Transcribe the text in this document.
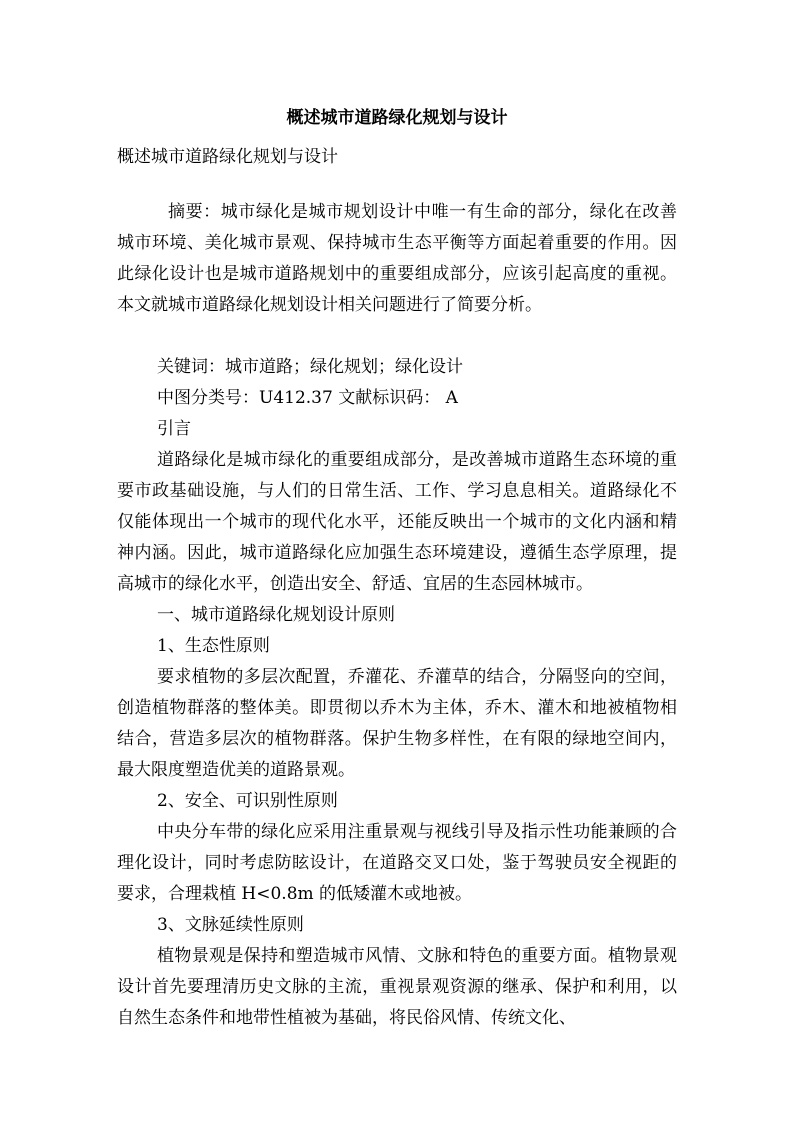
概述城市道路绿化规划与设计
概述城市道路绿化规划与设计

摘要：城市绿化是城市规划设计中唯一有生命的部分，绿化在改善城市环境、美化城市景观、保持城市生态平衡等方面起着重要的作用。因此绿化设计也是城市道路规划中的重要组成部分，应该引起高度的重视。本文就城市道路绿化规划设计相关问题进行了简要分析。

关键词：城市道路；绿化规划；绿化设计

中图分类号：U412.37 文献标识码： A

引言

道路绿化是城市绿化的重要组成部分，是改善城市道路生态环境的重要市政基础设施，与人们的日常生活、工作、学习息息相关。道路绿化不仅能体现出一个城市的现代化水平，还能反映出一个城市的文化内涵和精神内涵。因此，城市道路绿化应加强生态环境建设，遵循生态学原理，提高城市的绿化水平，创造出安全、舒适、宜居的生态园林城市。

一、城市道路绿化规划设计原则

1、生态性原则

要求植物的多层次配置，乔灌花、乔灌草的结合，分隔竖向的空间，创造植物群落的整体美。即贯彻以乔木为主体，乔木、灌木和地被植物相结合，营造多层次的植物群落。保护生物多样性，在有限的绿地空间内，最大限度塑造优美的道路景观。

2、安全、可识别性原则

中央分车带的绿化应采用注重景观与视线引导及指示性功能兼顾的合理化设计，同时考虑防眩设计，在道路交叉口处，鉴于驾驶员安全视距的要求，合理栽植 H<0.8m 的低矮灌木或地被。

3、文脉延续性原则

植物景观是保持和塑造城市风情、文脉和特色的重要方面。植物景观设计首先要理清历史文脉的主流，重视景观资源的继承、保护和利用，以自然生态条件和地带性植被为基础，将民俗风情、传统文化、
